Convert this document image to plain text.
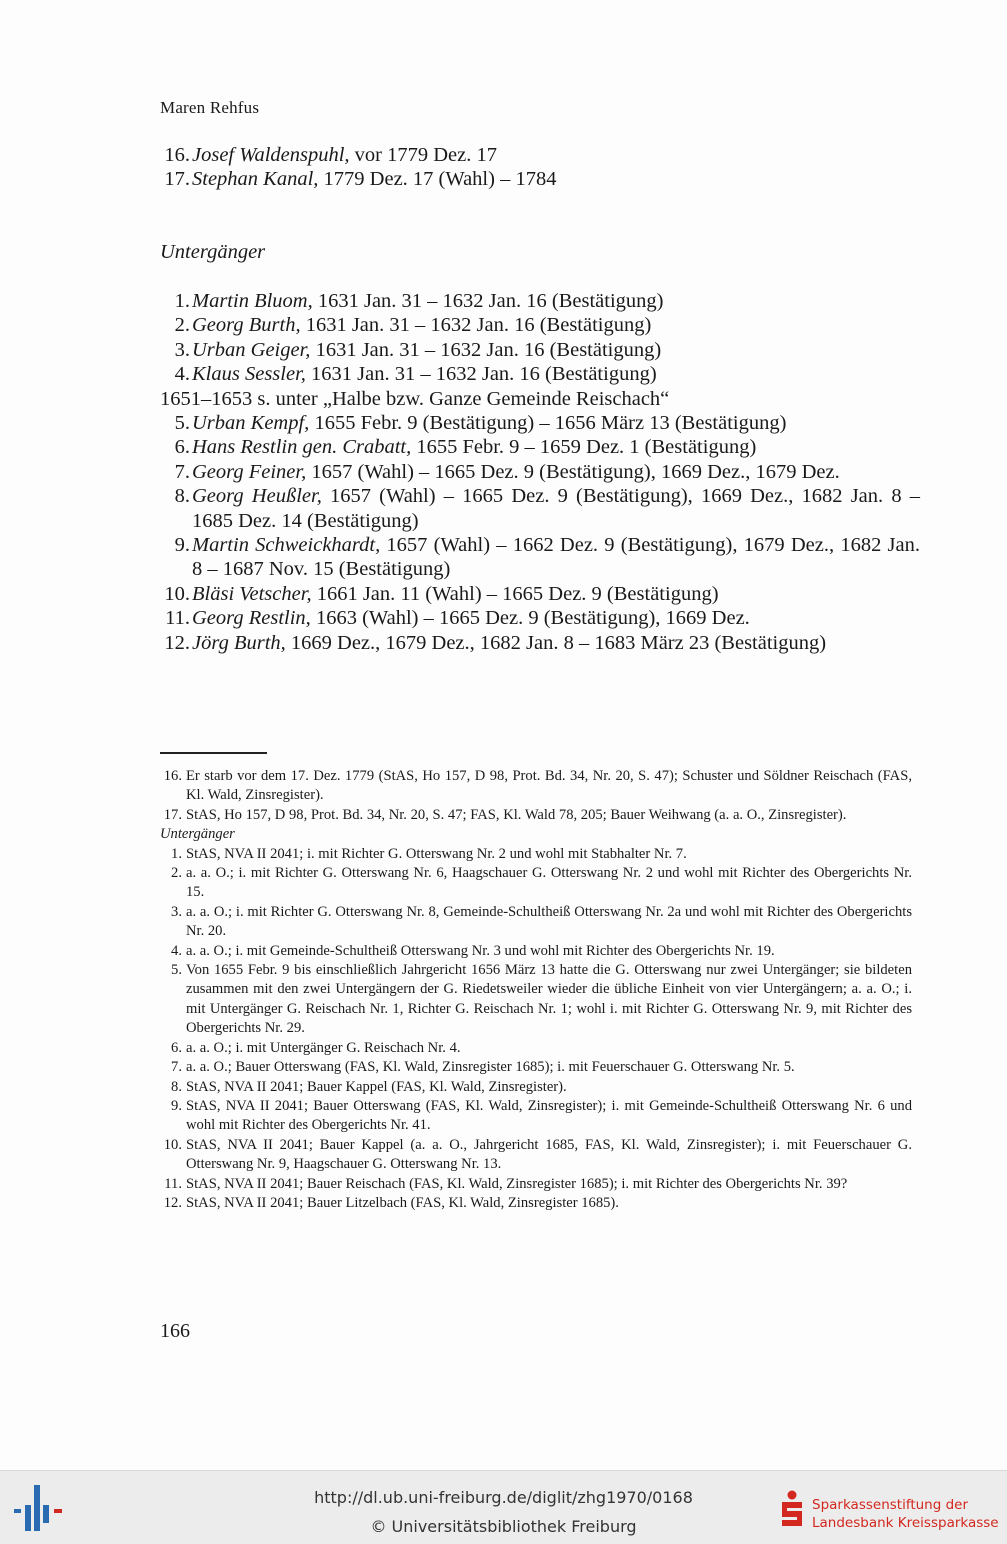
Maren Rehfus
16. Josef Waldenspuhl, vor 1779 Dez. 17
17. Stephan Kanal, 1779 Dez. 17 (Wahl) – 1784
Untergänger
1. Martin Bluom, 1631 Jan. 31 – 1632 Jan. 16 (Bestätigung)
2. Georg Burth, 1631 Jan. 31 – 1632 Jan. 16 (Bestätigung)
3. Urban Geiger, 1631 Jan. 31 – 1632 Jan. 16 (Bestätigung)
4. Klaus Sessler, 1631 Jan. 31 – 1632 Jan. 16 (Bestätigung)
1651–1653 s. unter „Halbe bzw. Ganze Gemeinde Reischach“
5. Urban Kempf, 1655 Febr. 9 (Bestätigung) – 1656 März 13 (Bestätigung)
6. Hans Restlin gen. Crabatt, 1655 Febr. 9 – 1659 Dez. 1 (Bestätigung)
7. Georg Feiner, 1657 (Wahl) – 1665 Dez. 9 (Bestätigung), 1669 Dez., 1679 Dez.
8. Georg Heußler, 1657 (Wahl) – 1665 Dez. 9 (Bestätigung), 1669 Dez., 1682 Jan. 8 – 1685 Dez. 14 (Bestätigung)
9. Martin Schweickhardt, 1657 (Wahl) – 1662 Dez. 9 (Bestätigung), 1679 Dez., 1682 Jan. 8 – 1687 Nov. 15 (Bestätigung)
10. Bläsi Vetscher, 1661 Jan. 11 (Wahl) – 1665 Dez. 9 (Bestätigung)
11. Georg Restlin, 1663 (Wahl) – 1665 Dez. 9 (Bestätigung), 1669 Dez.
12. Jörg Burth, 1669 Dez., 1679 Dez., 1682 Jan. 8 – 1683 März 23 (Bestätigung)
16. Er starb vor dem 17. Dez. 1779 (StAS, Ho 157, D 98, Prot. Bd. 34, Nr. 20, S. 47); Schuster und Söldner Reischach (FAS, Kl. Wald, Zinsregister).
17. StAS, Ho 157, D 98, Prot. Bd. 34, Nr. 20, S. 47; FAS, Kl. Wald 78, 205; Bauer Weihwang (a. a. O., Zinsregister).
Untergänger
1. StAS, NVA II 2041; i. mit Richter G. Otterswang Nr. 2 und wohl mit Stabhalter Nr. 7.
2. a. a. O.; i. mit Richter G. Otterswang Nr. 6, Haagschauer G. Otterswang Nr. 2 und wohl mit Richter des Obergerichts Nr. 15.
3. a. a. O.; i. mit Richter G. Otterswang Nr. 8, Gemeinde-Schultheiß Otterswang Nr. 2a und wohl mit Richter des Obergerichts Nr. 20.
4. a. a. O.; i. mit Gemeinde-Schultheiß Otterswang Nr. 3 und wohl mit Richter des Obergerichts Nr. 19.
5. Von 1655 Febr. 9 bis einschließlich Jahrgericht 1656 März 13 hatte die G. Otterswang nur zwei Untergänger; sie bildeten zusammen mit den zwei Untergängern der G. Riedetsweiler wieder die übliche Einheit von vier Untergängern; a. a. O.; i. mit Untergänger G. Reischach Nr. 1, Richter G. Reischach Nr. 1; wohl i. mit Richter G. Otterswang Nr. 9, mit Richter des Obergerichts Nr. 29.
6. a. a. O.; i. mit Untergänger G. Reischach Nr. 4.
7. a. a. O.; Bauer Otterswang (FAS, Kl. Wald, Zinsregister 1685); i. mit Feuerschauer G. Otterswang Nr. 5.
8. StAS, NVA II 2041; Bauer Kappel (FAS, Kl. Wald, Zinsregister).
9. StAS, NVA II 2041; Bauer Otterswang (FAS, Kl. Wald, Zinsregister); i. mit Gemeinde-Schultheiß Otterswang Nr. 6 und wohl mit Richter des Obergerichts Nr. 41.
10. StAS, NVA II 2041; Bauer Kappel (a. a. O., Jahrgericht 1685, FAS, Kl. Wald, Zinsregister); i. mit Feuerschauer G. Otterswang Nr. 9, Haagschauer G. Otterswang Nr. 13.
11. StAS, NVA II 2041; Bauer Reischach (FAS, Kl. Wald, Zinsregister 1685); i. mit Richter des Obergerichts Nr. 39?
12. StAS, NVA II 2041; Bauer Litzelbach (FAS, Kl. Wald, Zinsregister 1685).
166
http://dl.ub.uni-freiburg.de/diglit/zhg1970/0168
© Universitätsbibliothek Freiburg
Sparkassenstiftung der
Landesbank Kreissparkasse
